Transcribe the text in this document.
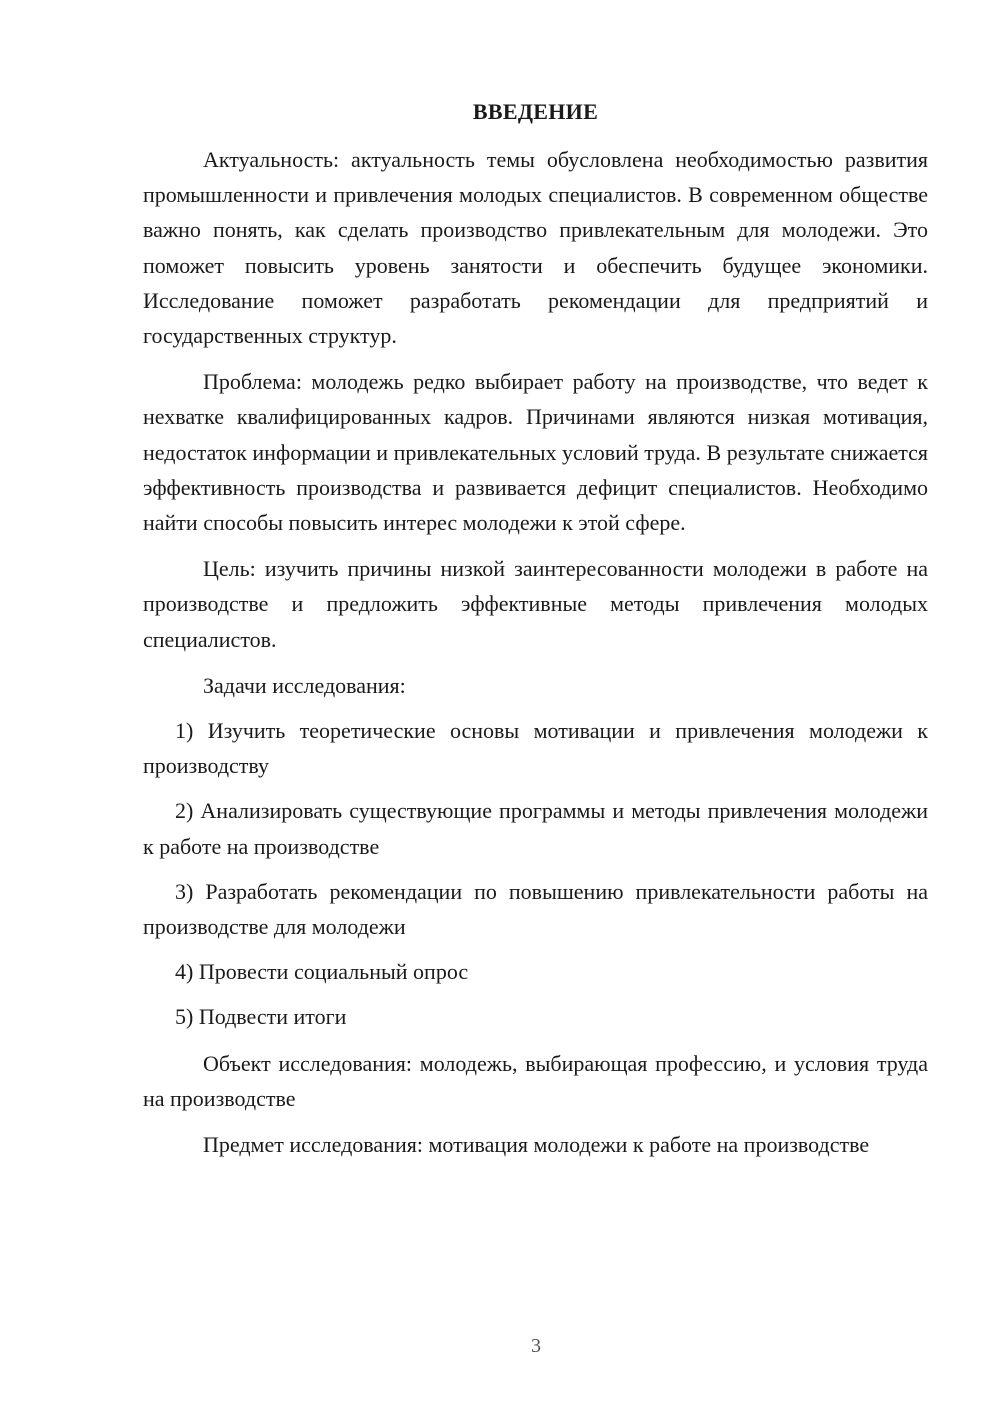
ВВЕДЕНИЕ

Актуальность: актуальность темы обусловлена необходимостью развития промышленности и привлечения молодых специалистов. В современном обществе важно понять, как сделать производство привлекательным для молодежи. Это поможет повысить уровень занятости и обеспечить будущее экономики. Исследование поможет разработать рекомендации для предприятий и государственных структур.

Проблема: молодежь редко выбирает работу на производстве, что ведет к нехватке квалифицированных кадров. Причинами являются низкая мотивация, недостаток информации и привлекательных условий труда. В результате снижается эффективность производства и развивается дефицит специалистов. Необходимо найти способы повысить интерес молодежи к этой сфере.

Цель: изучить причины низкой заинтересованности молодежи в работе на производстве и предложить эффективные методы привлечения молодых специалистов.

Задачи исследования:

1) Изучить теоретические основы мотивации и привлечения молодежи к производству

2) Анализировать существующие программы и методы привлечения молодежи к работе на производстве

3) Разработать рекомендации по повышению привлекательности работы на производстве для молодежи

4) Провести социальный опрос

5) Подвести итоги

Объект исследования: молодежь, выбирающая профессию, и условия труда на производстве

Предмет исследования: мотивация молодежи к работе на производстве

3
